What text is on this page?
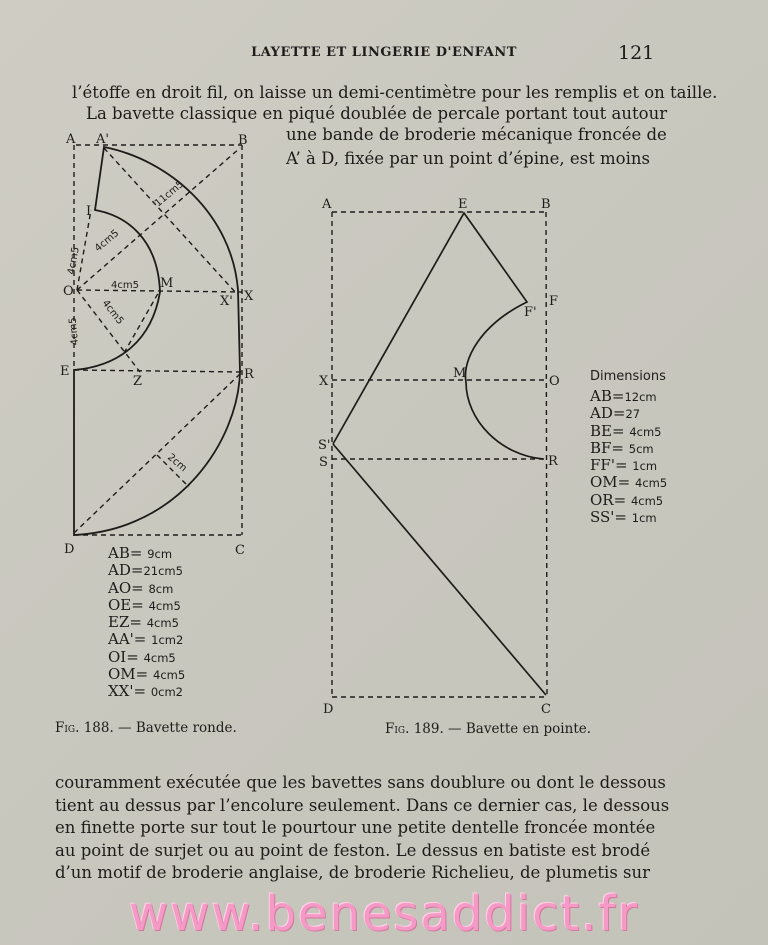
LAYETTE ET LINGERIE D'ENFANT	121
l’étoffe en droit fil, on laisse un demi-centimètre pour les remplis et on taille.
La bavette classique en piqué doublée de percale portant tout autour
une bande de broderie mécanique froncée de
A’ à D, fixée par un point d’épine, est moins
A A'	B
I
O
M
X' X
E
Z	R
D	C
4cm5
4cm5
4cm5
4cm5
4cm5
11cm5
2cm
AB= 9cm
AD=21cm5
AO= 8cm
OE= 4cm5
EZ= 4cm5
AA'= 1cm2
OI= 4cm5
OM= 4cm5
XX'= 0cm2
A	E	B
F
F'
X
M
O
S'
S	R
D	C
Dimensions
AB=12cm
AD=27
BE= 4cm5
BF= 5cm
FF'= 1cm
OM= 4cm5
OR= 4cm5
SS'= 1cm
Fig. 188. — Bavette ronde.	Fig. 189. — Bavette en pointe.
couramment exécutée que les bavettes sans doublure ou dont le dessous
tient au dessus par l’encolure seulement. Dans ce dernier cas, le dessous
en finette porte sur tout le pourtour une petite dentelle froncée montée
au point de surjet ou au point de feston. Le dessus en batiste est brodé
d’un motif de broderie anglaise, de broderie Richelieu, de plumetis sur
www.benesaddict.fr
